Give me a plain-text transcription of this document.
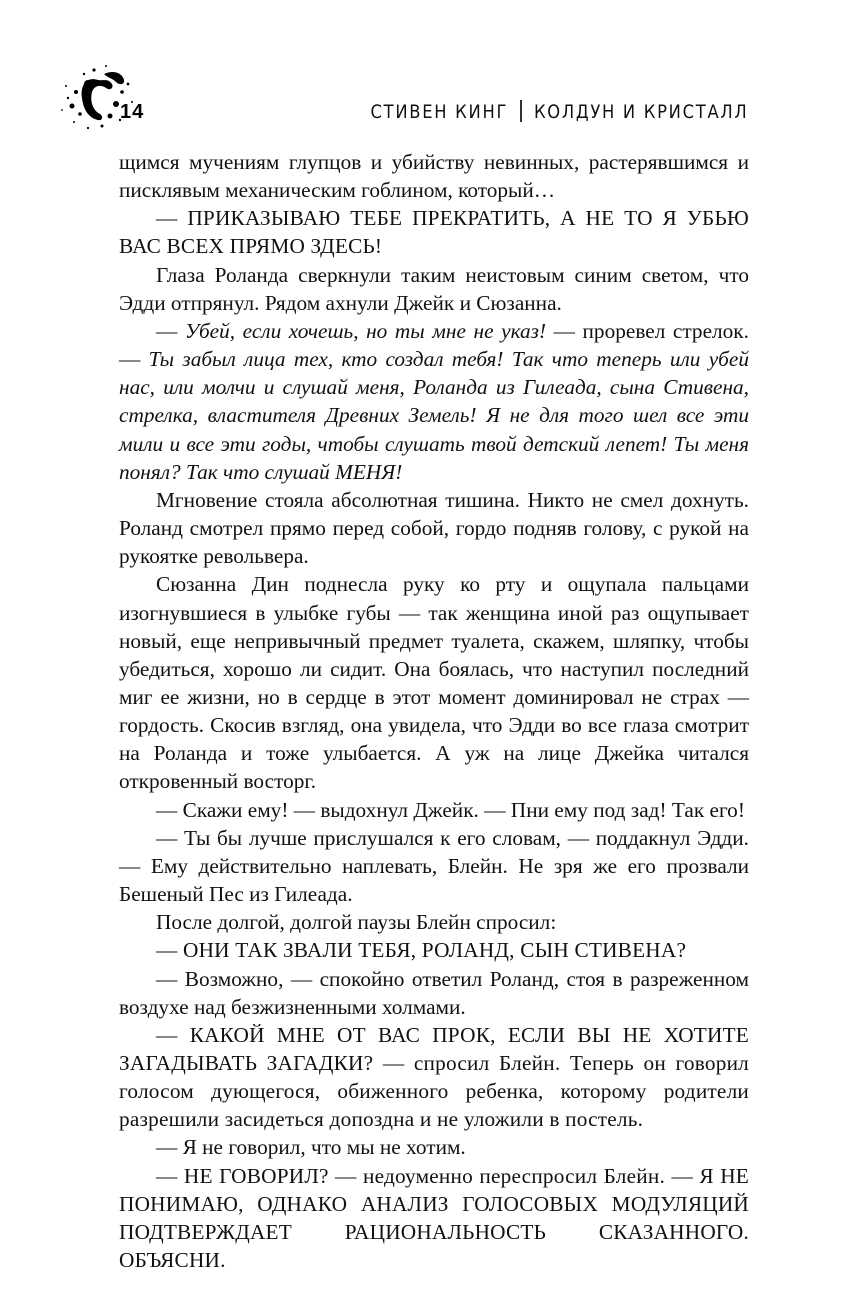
14	СТИВЕН КИНГ КОЛДУН И КРИСТАЛЛ

щимся мучениям глупцов и убийству невинных, растерявшимся и писклявым механическим гоблином, который…

— ПРИКАЗЫВАЮ ТЕБЕ ПРЕКРАТИТЬ, А НЕ ТО Я УБЬЮ ВАС ВСЕХ ПРЯМО ЗДЕСЬ!

Глаза Роланда сверкнули таким неистовым синим светом, что Эдди отпрянул. Рядом ахнули Джейк и Сюзанна.

— Убей, если хочешь, но ты мне не указ! — проревел стрелок. — Ты забыл лица тех, кто создал тебя! Так что теперь или убей нас, или молчи и слушай меня, Роланда из Гилеада, сына Стивена, стрелка, властителя Древних Земель! Я не для того шел все эти мили и все эти годы, чтобы слушать твой детский лепет! Ты меня понял? Так что слушай МЕНЯ!

Мгновение стояла абсолютная тишина. Никто не смел дохнуть. Роланд смотрел прямо перед собой, гордо подняв голову, с рукой на рукоятке револьвера.

Сюзанна Дин поднесла руку ко рту и ощупала пальцами изогнувшиеся в улыбке губы — так женщина иной раз ощупывает новый, еще непривычный предмет туалета, скажем, шляпку, чтобы убедиться, хорошо ли сидит. Она боялась, что наступил последний миг ее жизни, но в сердце в этот момент доминировал не страх — гордость. Скосив взгляд, она увидела, что Эдди во все глаза смотрит на Роланда и тоже улыбается. А уж на лице Джейка читался откровенный восторг.

— Скажи ему! — выдохнул Джейк. — Пни ему под зад! Так его!

— Ты бы лучше прислушался к его словам, — поддакнул Эдди. — Ему действительно наплевать, Блейн. Не зря же его прозвали Бешеный Пес из Гилеада.

После долгой, долгой паузы Блейн спросил:

— ОНИ ТАК ЗВАЛИ ТЕБЯ, РОЛАНД, СЫН СТИВЕНА?

— Возможно, — спокойно ответил Роланд, стоя в разреженном воздухе над безжизненными холмами.

— КАКОЙ МНЕ ОТ ВАС ПРОК, ЕСЛИ ВЫ НЕ ХОТИТЕ ЗАГАДЫВАТЬ ЗАГАДКИ? — спросил Блейн. Теперь он говорил голосом дующегося, обиженного ребенка, которому родители разрешили засидеться допоздна и не уложили в постель.

— Я не говорил, что мы не хотим.

— НЕ ГОВОРИЛ? — недоуменно переспросил Блейн. — Я НЕ ПОНИМАЮ, ОДНАКО АНАЛИЗ ГОЛОСОВЫХ МОДУЛЯЦИЙ ПОДТВЕРЖДАЕТ РАЦИОНАЛЬНОСТЬ СКАЗАННОГО. ОБЪЯСНИ.
